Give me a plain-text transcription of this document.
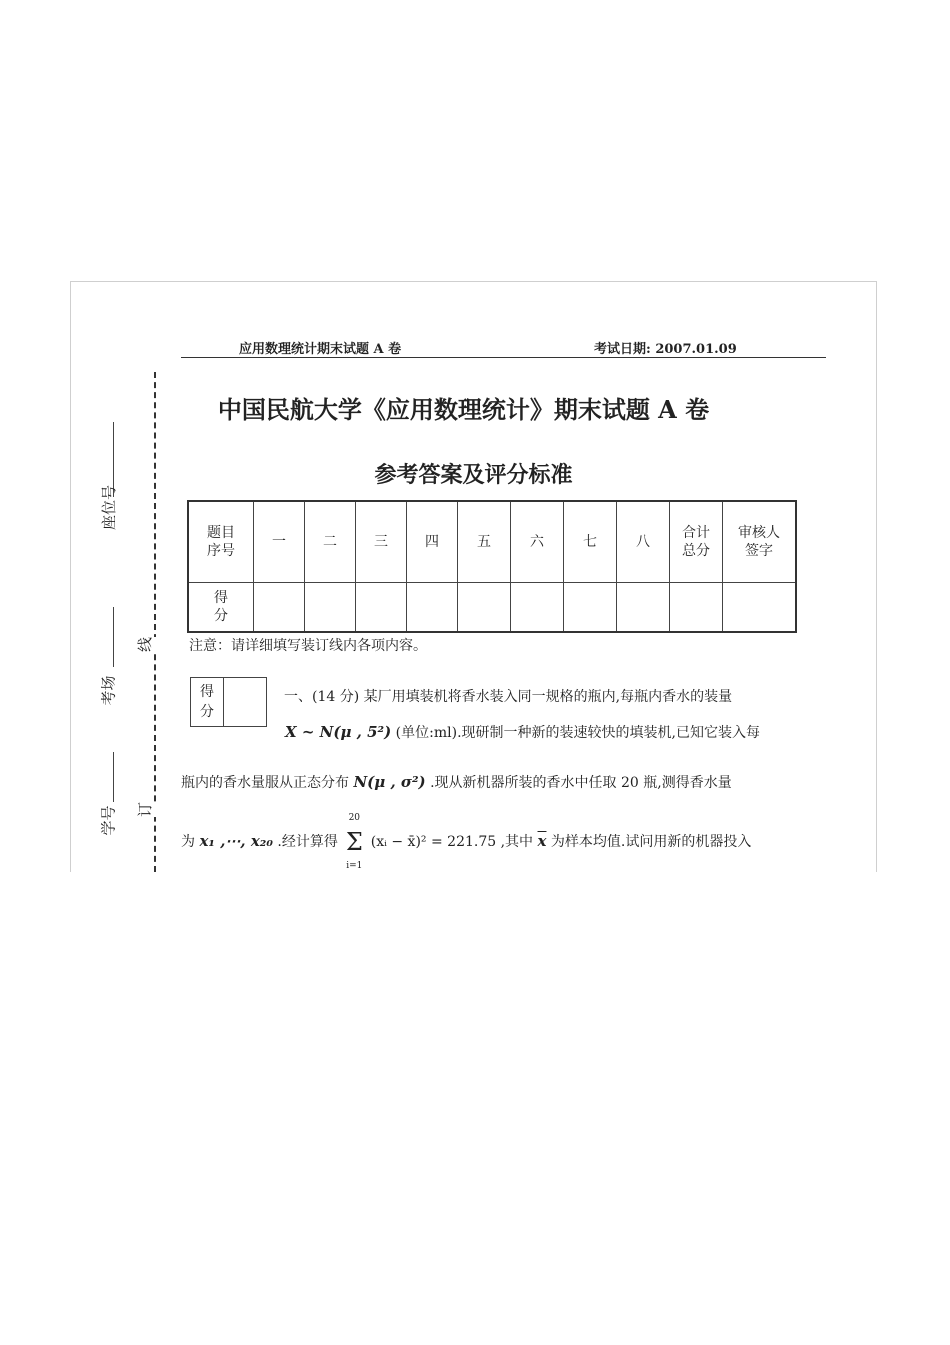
应用数理统计期末试题 A 卷	考试日期: 2007.01.09
座位号
考场
学号
线
订
中国民航大学《应用数理统计》期末试题 A 卷
参考答案及评分标准
题目序号	一	二	三	四	五	六	七	八	合计总分	审核人签字
得分										
注意：请详细填写装订线内各项内容。
得分	
一、(14 分) 某厂用填装机将香水装入同一规格的瓶内,每瓶内香水的装量
X ~ N(μ , 5²) (单位:ml).现研制一种新的装速较快的填装机,已知它装入每
瓶内的香水量服从正态分布 N(μ , σ²) .现从新机器所装的香水中任取 20 瓶,测得香水量
为 x₁ ,⋯, x₂₀ .经计算得
20
Σ
i=1
(xᵢ − x̄)² = 221.75 ,其中 $\overline{x}$ 为样本均值.试问用新的机器投入
